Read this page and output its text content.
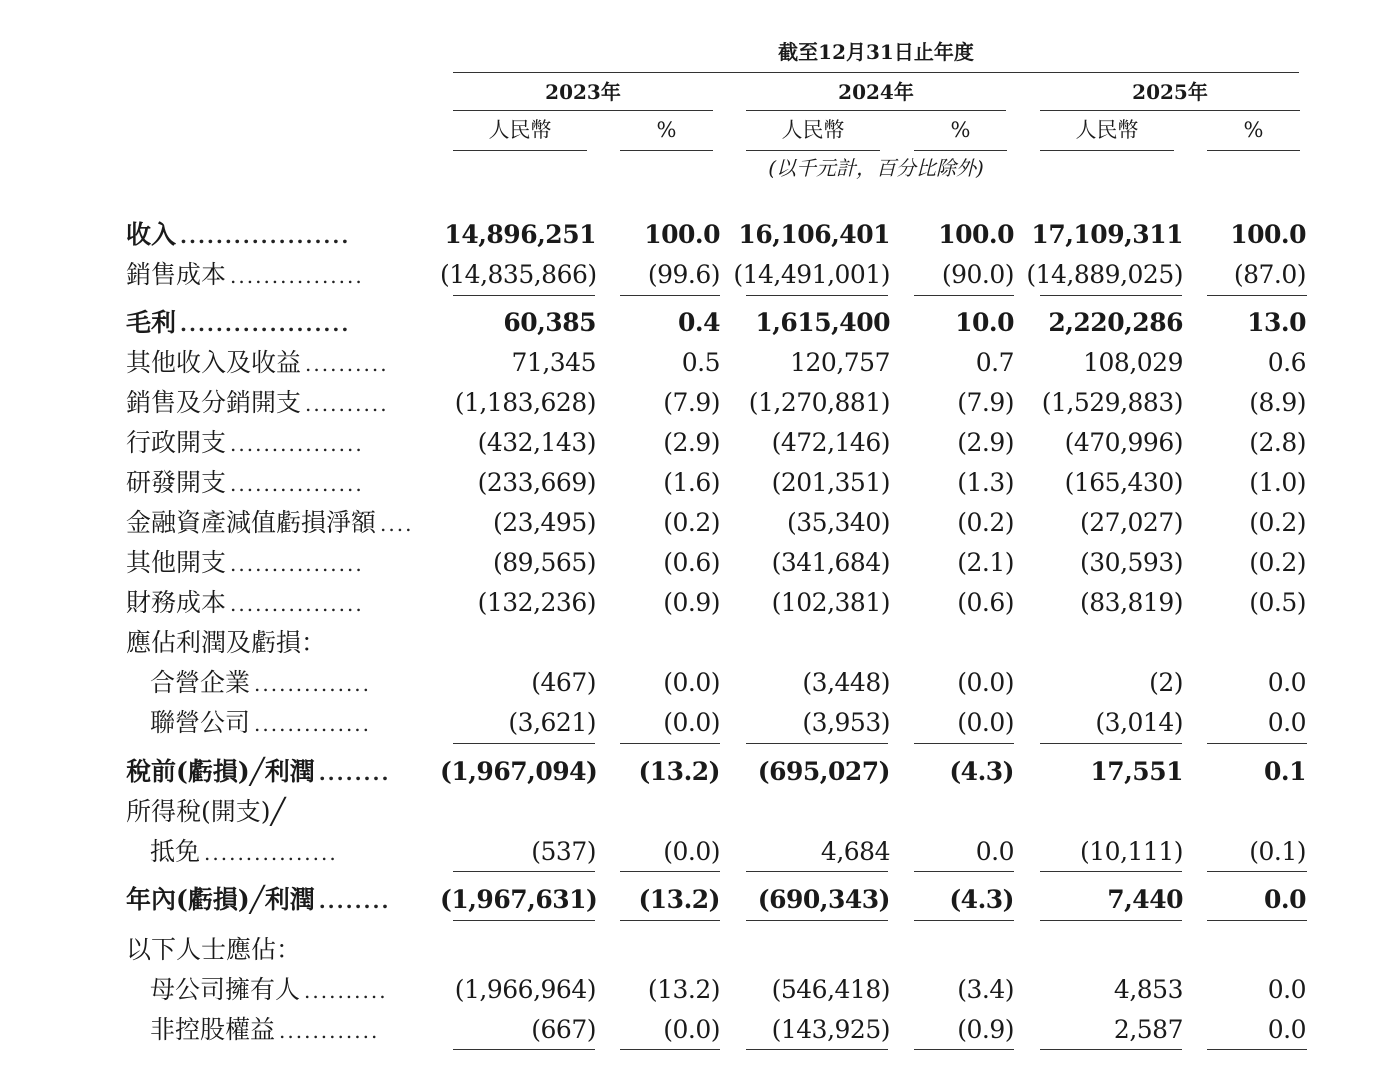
截至12月31日止年度
2023年	2024年	2025年
人民幣	%	人民幣	%	人民幣	%
(以千元計，百分比除外)
收入 ...................	14,896,251	100.0 16,106,401	100.0 17,109,311	100.0
銷售成本 ................	(14,835,866)	(99.6) (14,491,001)	(90.0) (14,889,025)	(87.0)
毛利 ...................	60,385	0.4	1,615,400	10.0	2,220,286	13.0
其他收入及收益 ..........	71,345	0.5	120,757	0.7	108,029	0.6
銷售及分銷開支 ..........	(1,183,628)	(7.9)	(1,270,881)	(7.9)	(1,529,883)	(8.9)
行政開支 ................	(432,143)	(2.9)	(472,146)	(2.9)	(470,996)	(2.8)
研發開支 ................	(233,669)	(1.6)	(201,351)	(1.3)	(165,430)	(1.0)
金融資產減值虧損淨額 ....	(23,495)	(0.2)	(35,340)	(0.2)	(27,027)	(0.2)
其他開支 ................	(89,565)	(0.6)	(341,684)	(2.1)	(30,593)	(0.2)
財務成本 ................	(132,236)	(0.9)	(102,381)	(0.6)	(83,819)	(0.5)
應佔利潤及虧損：
合營企業 ..............	(467)	(0.0)	(3,448)	(0.0)	(2)	0.0
聯營公司 ..............	(3,621)	(0.0)	(3,953)	(0.0)	(3,014)	0.0
稅前(虧損)╱利潤 ........	(1,967,094)	(13.2)	(695,027)	(4.3)	17,551	0.1
所得稅(開支)╱
抵免 ................	(537)	(0.0)	4,684	0.0	(10,111)	(0.1)
年內(虧損)╱利潤 ........	(1,967,631)	(13.2)	(690,343)	(4.3)	7,440	0.0
以下人士應佔：
母公司擁有人 ..........	(1,966,964)	(13.2)	(546,418)	(3.4)	4,853	0.0
非控股權益 ............	(667)	(0.0)	(143,925)	(0.9)	2,587	0.0
